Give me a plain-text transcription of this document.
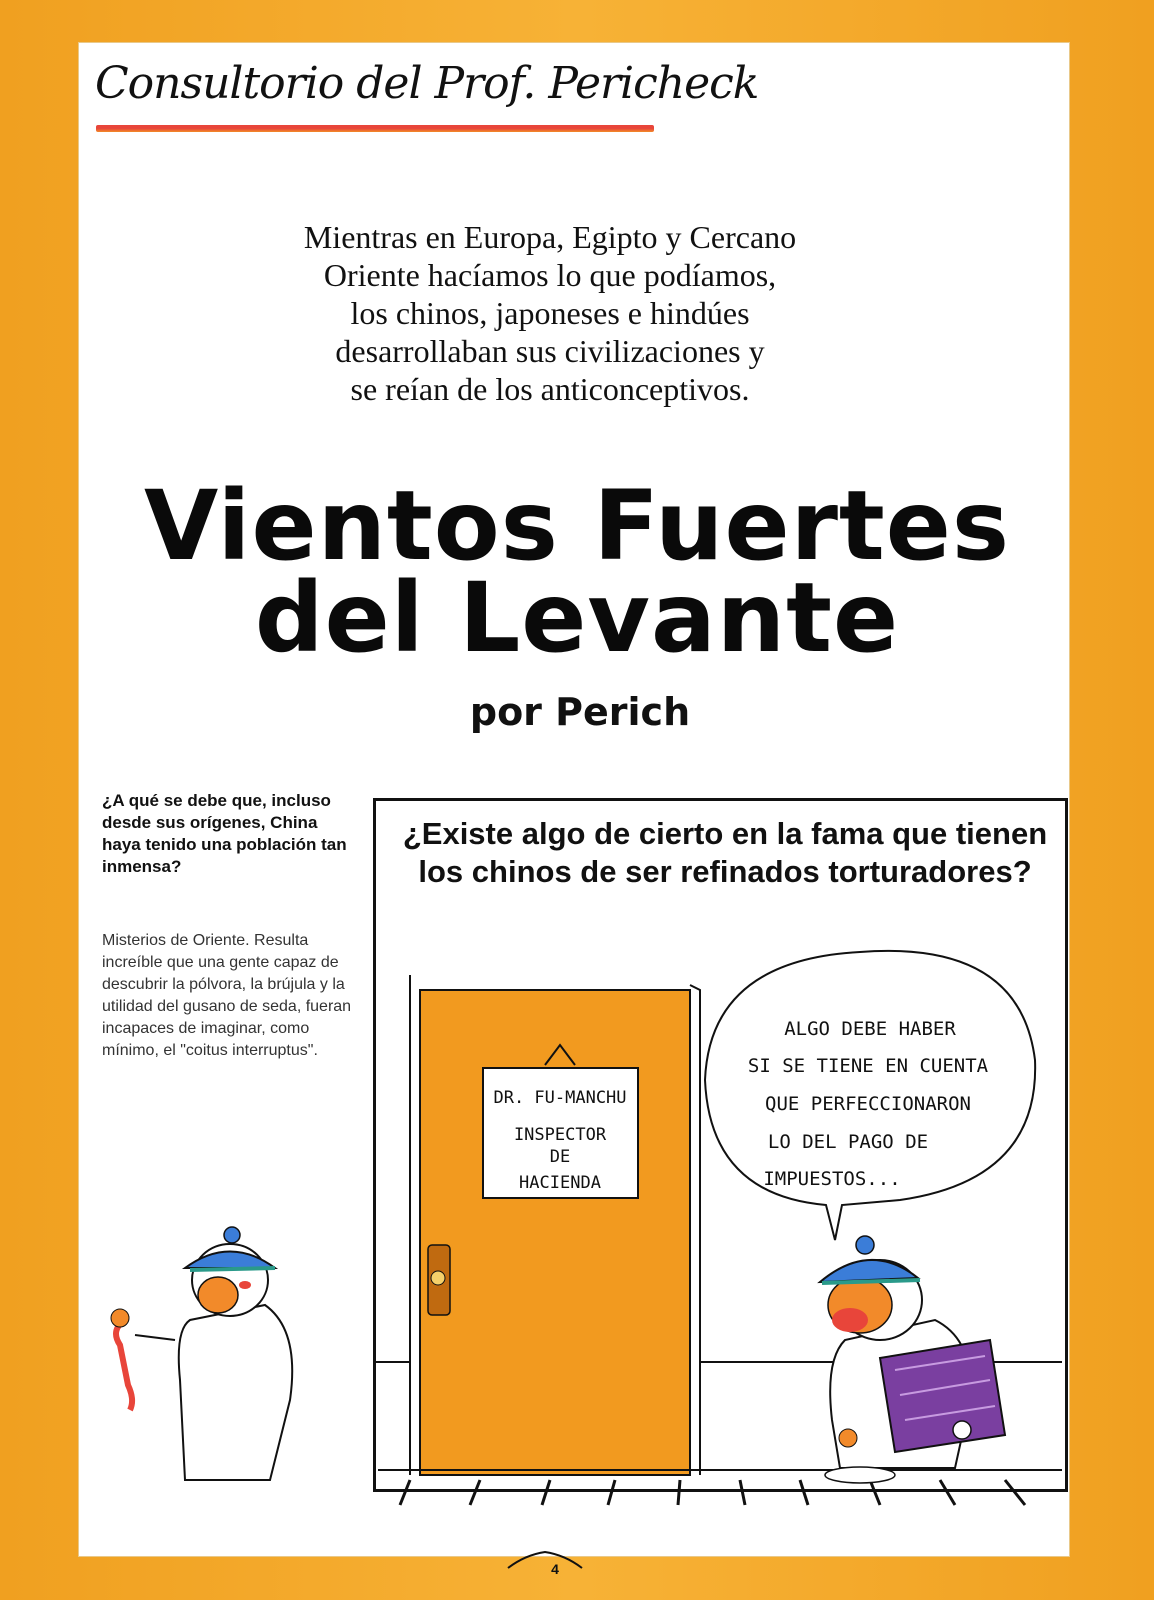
Consultorio del Prof. Pericheck
Mientras en Europa, Egipto y Cercano
Oriente hacíamos lo que podíamos,
los chinos, japoneses e hindúes
desarrollaban sus civilizaciones y
se reían de los anticonceptivos.
Vientos Fuertes
del Levante
por Perich
¿A qué se debe que, incluso desde sus orígenes, China haya tenido una población tan inmensa?
Misterios de Oriente. Resulta increíble que una gente capaz de descubrir la pólvora, la brújula y la utilidad del gusano de seda, fueran incapaces de imaginar, como mínimo, el "coitus interruptus".
¿Existe algo de cierto en la fama que tienen los chinos de ser refinados torturadores?
DR. FU-MANCHU
INSPECTOR
DE
HACIENDA
ALGO DEBE HABER
SI SE TIENE EN CUENTA
QUE PERFECCIONARON
LO DEL PAGO DE
IMPUESTOS...
4
